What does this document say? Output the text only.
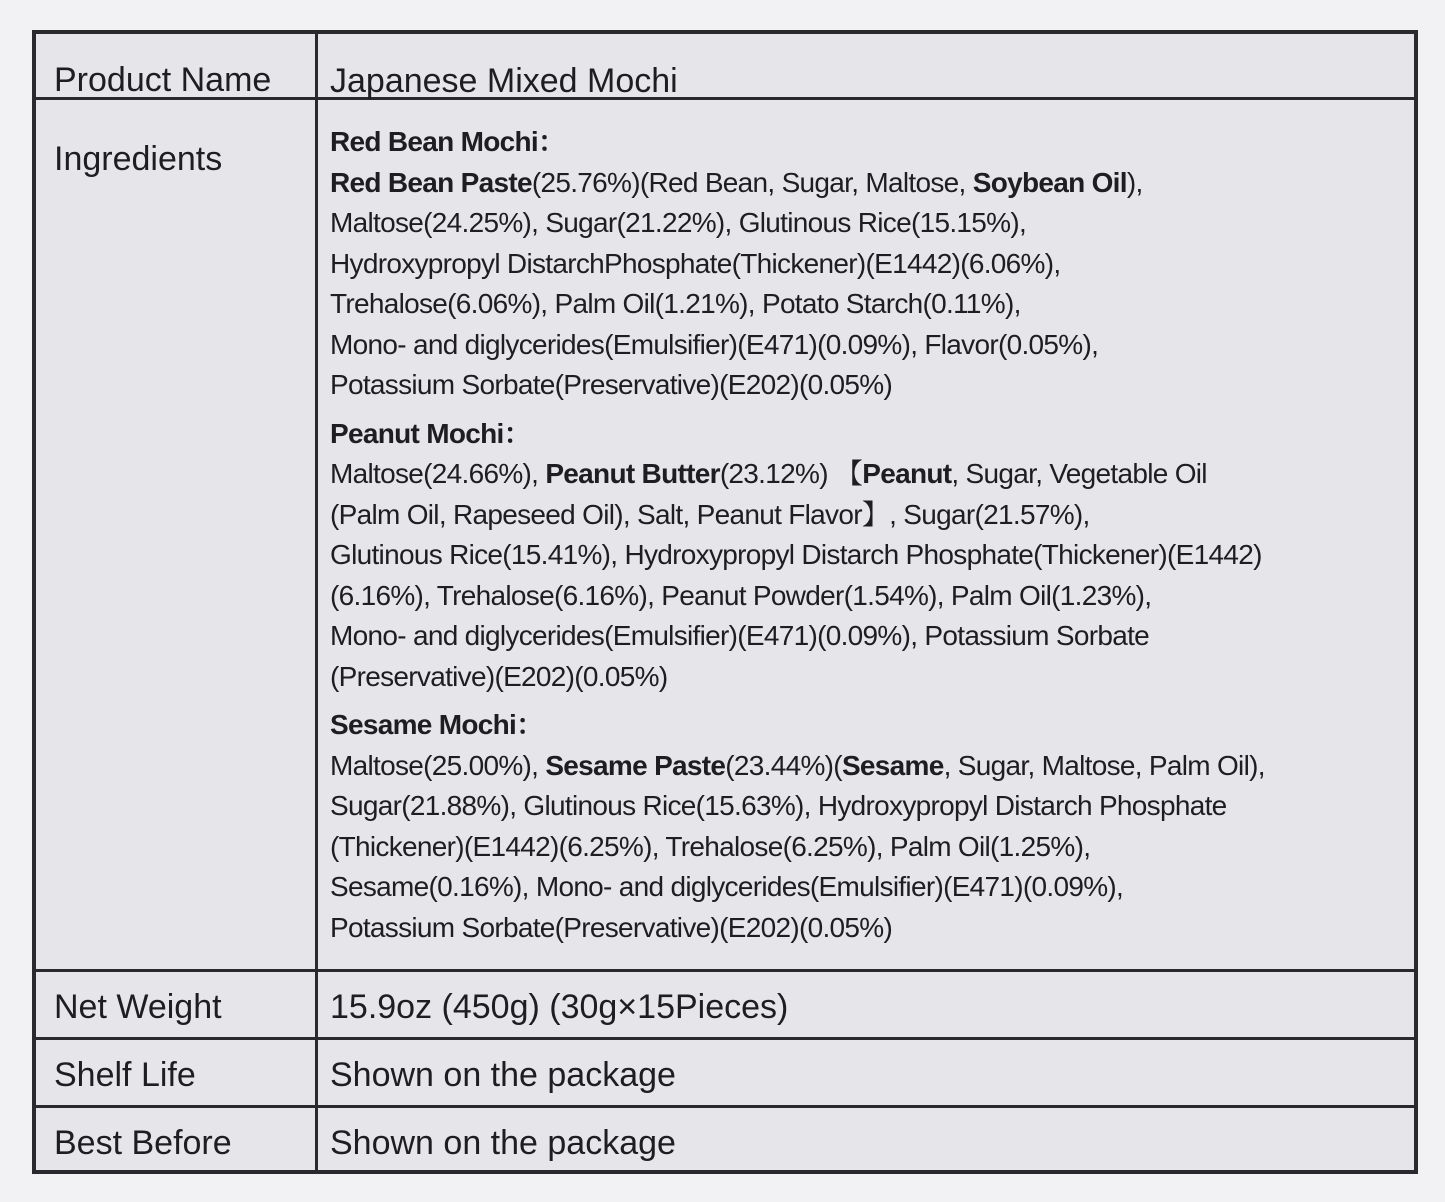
Product Name	Japanese Mixed Mochi
Ingredients	Red Bean Mochi：
Red Bean Paste(25.76%)(Red Bean, Sugar, Maltose, Soybean Oil),
Maltose(24.25%), Sugar(21.22%), Glutinous Rice(15.15%),
Hydroxypropyl DistarchPhosphate(Thickener)(E1442)(6.06%),
Trehalose(6.06%), Palm Oil(1.21%), Potato Starch(0.11%),
Mono- and diglycerides(Emulsifier)(E471)(0.09%), Flavor(0.05%),
Potassium Sorbate(Preservative)(E202)(0.05%)
Peanut Mochi：
Maltose(24.66%), Peanut Butter(23.12%) 【Peanut, Sugar, Vegetable Oil
(Palm Oil, Rapeseed Oil), Salt, Peanut Flavor】, Sugar(21.57%),
Glutinous Rice(15.41%), Hydroxypropyl Distarch Phosphate(Thickener)(E1442)
(6.16%), Trehalose(6.16%), Peanut Powder(1.54%), Palm Oil(1.23%),
Mono- and diglycerides(Emulsifier)(E471)(0.09%), Potassium Sorbate
(Preservative)(E202)(0.05%)
Sesame Mochi：
Maltose(25.00%), Sesame Paste(23.44%)(Sesame, Sugar, Maltose, Palm Oil),
Sugar(21.88%), Glutinous Rice(15.63%), Hydroxypropyl Distarch Phosphate
(Thickener)(E1442)(6.25%), Trehalose(6.25%), Palm Oil(1.25%),
Sesame(0.16%), Mono- and diglycerides(Emulsifier)(E471)(0.09%),
Potassium Sorbate(Preservative)(E202)(0.05%)
Net Weight	15.9oz (450g) (30g×15Pieces)
Shelf Life	Shown on the package
Best Before	Shown on the package
